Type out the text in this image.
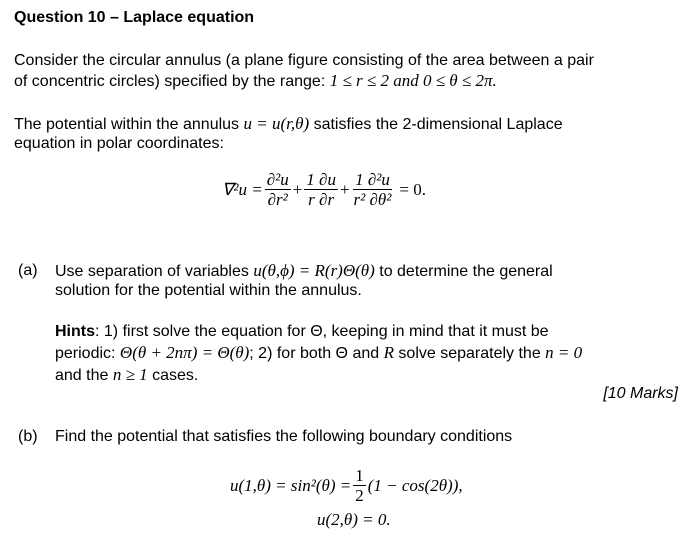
Question 10 – Laplace equation
Consider the circular annulus (a plane figure consisting of the area between a pair
of concentric circles) specified by the range: 1 ≤ r ≤ 2 and 0 ≤ θ ≤ 2π.
The potential within the annulus u = u(r,θ) satisfies the 2-dimensional Laplace
equation in polar coordinates:
$\nabla^2u = \frac{\text{∂²u}}{\text{∂r²}} + \frac{1 \partial u}{r \partial r} + \frac{\text{1 ∂²u}}{\text{r² ∂θ²}} = 0$.
(a) Use separation of variables u(θ,ϕ) = R(r)Θ(θ) to determine the general
solution for the potential within the annulus.
Hints: 1) first solve the equation for Θ, keeping in mind that it must be
periodic: Θ(θ + 2nπ) = Θ(θ); 2) for both Θ and R solve separately the n = 0
and the n ≥ 1 cases.
[10 Marks]
(b) Find the potential that satisfies the following boundary conditions
$u(1,\theta) = \sin^2(\theta) = \frac{1}{2} (1 - \cos(2\theta))$,
u(2,θ) = 0.
